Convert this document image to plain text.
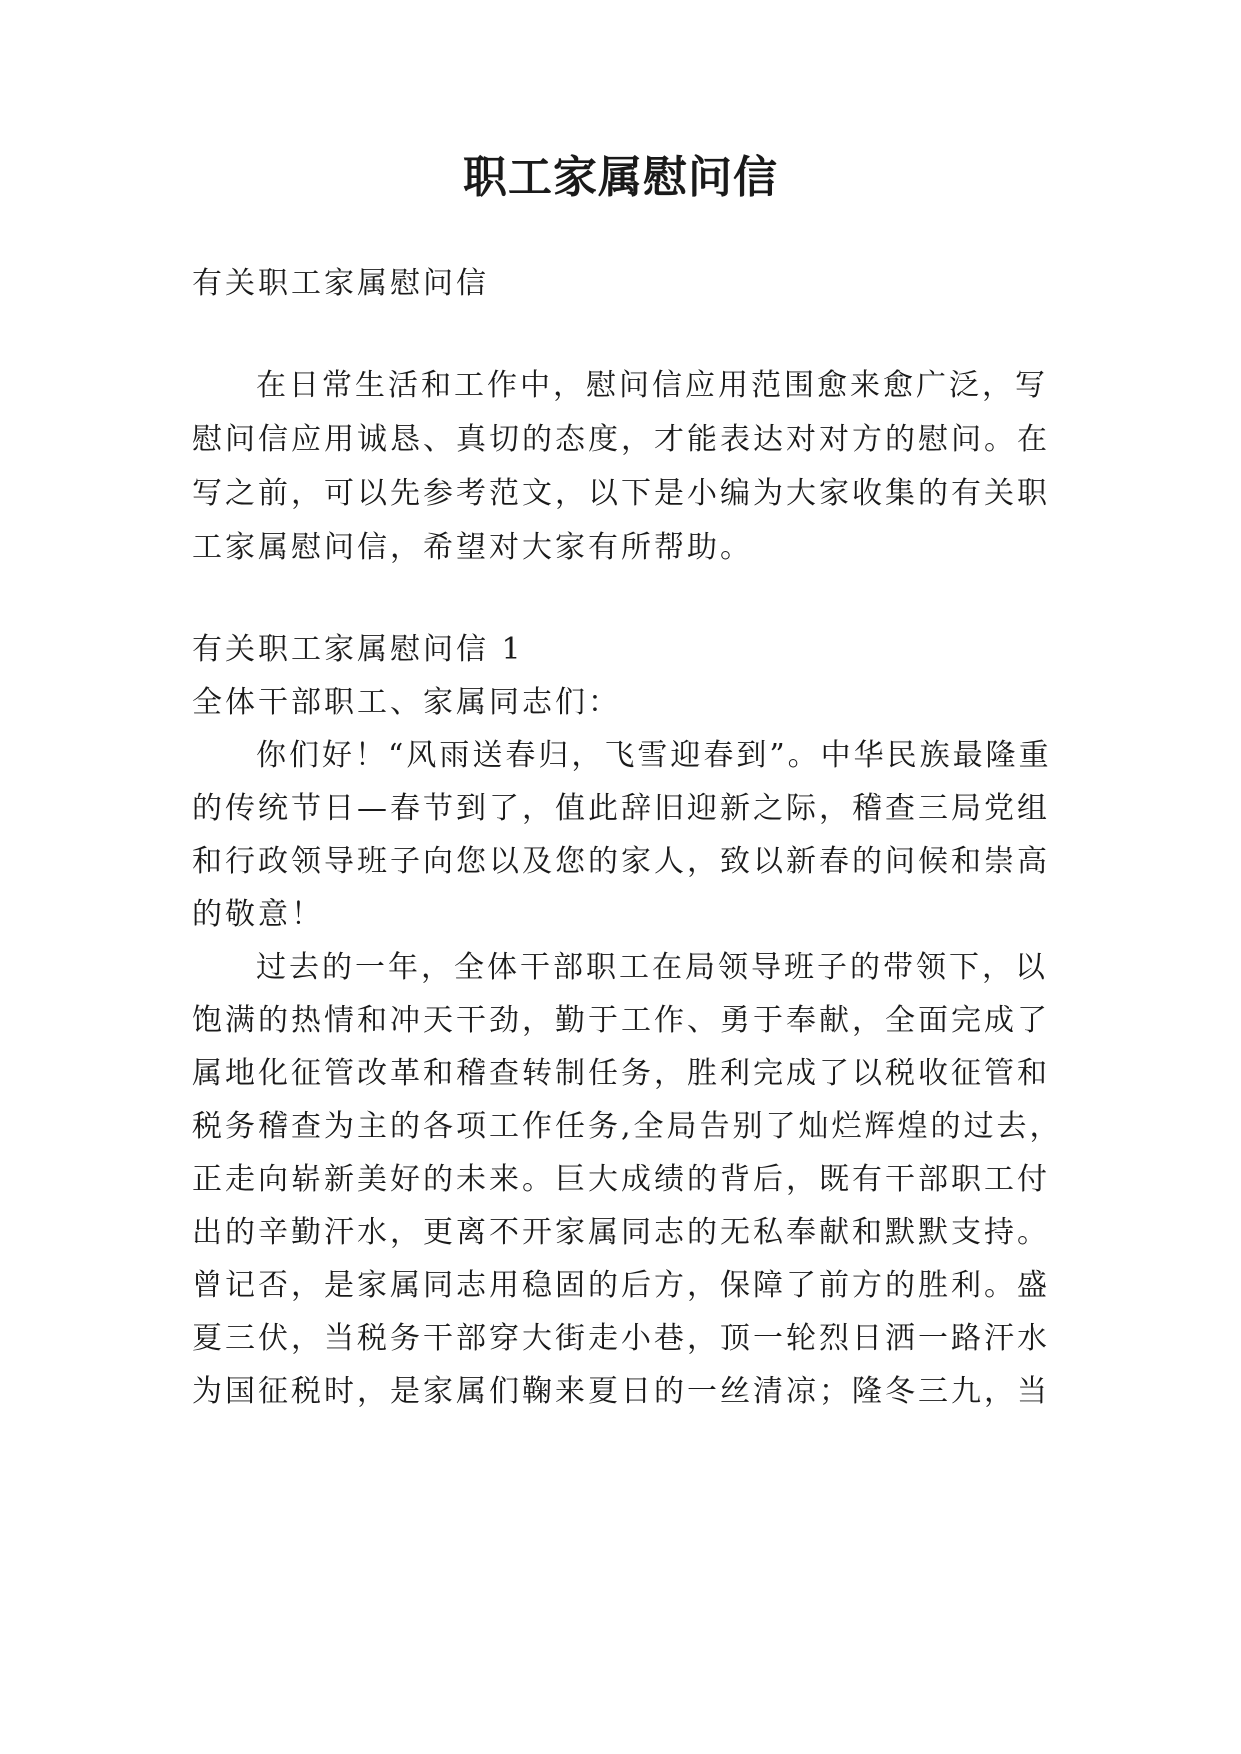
职工家属慰问信
有关职工家属慰问信
在日常生活和工作中，慰问信应用范围愈来愈广泛，写
慰问信应用诚恳、真切的态度，才能表达对对方的慰问。在
写之前，可以先参考范文，以下是小编为大家收集的有关职
工家属慰问信，希望对大家有所帮助。
有关职工家属慰问信 1
全体干部职工、家属同志们：
你们好！“风雨送春归，飞雪迎春到”。中华民族最隆重
的传统节日—春节到了，值此辞旧迎新之际，稽查三局党组
和行政领导班子向您以及您的家人，致以新春的问候和崇高
的敬意！
过去的一年，全体干部职工在局领导班子的带领下，以
饱满的热情和冲天干劲，勤于工作、勇于奉献，全面完成了
属地化征管改革和稽查转制任务，胜利完成了以税收征管和
税务稽查为主的各项工作任务,全局告别了灿烂辉煌的过去，
正走向崭新美好的未来。巨大成绩的背后，既有干部职工付
出的辛勤汗水，更离不开家属同志的无私奉献和默默支持。
曾记否，是家属同志用稳固的后方，保障了前方的胜利。盛
夏三伏，当税务干部穿大街走小巷，顶一轮烈日洒一路汗水
为国征税时，是家属们鞠来夏日的一丝清凉；隆冬三九，当
